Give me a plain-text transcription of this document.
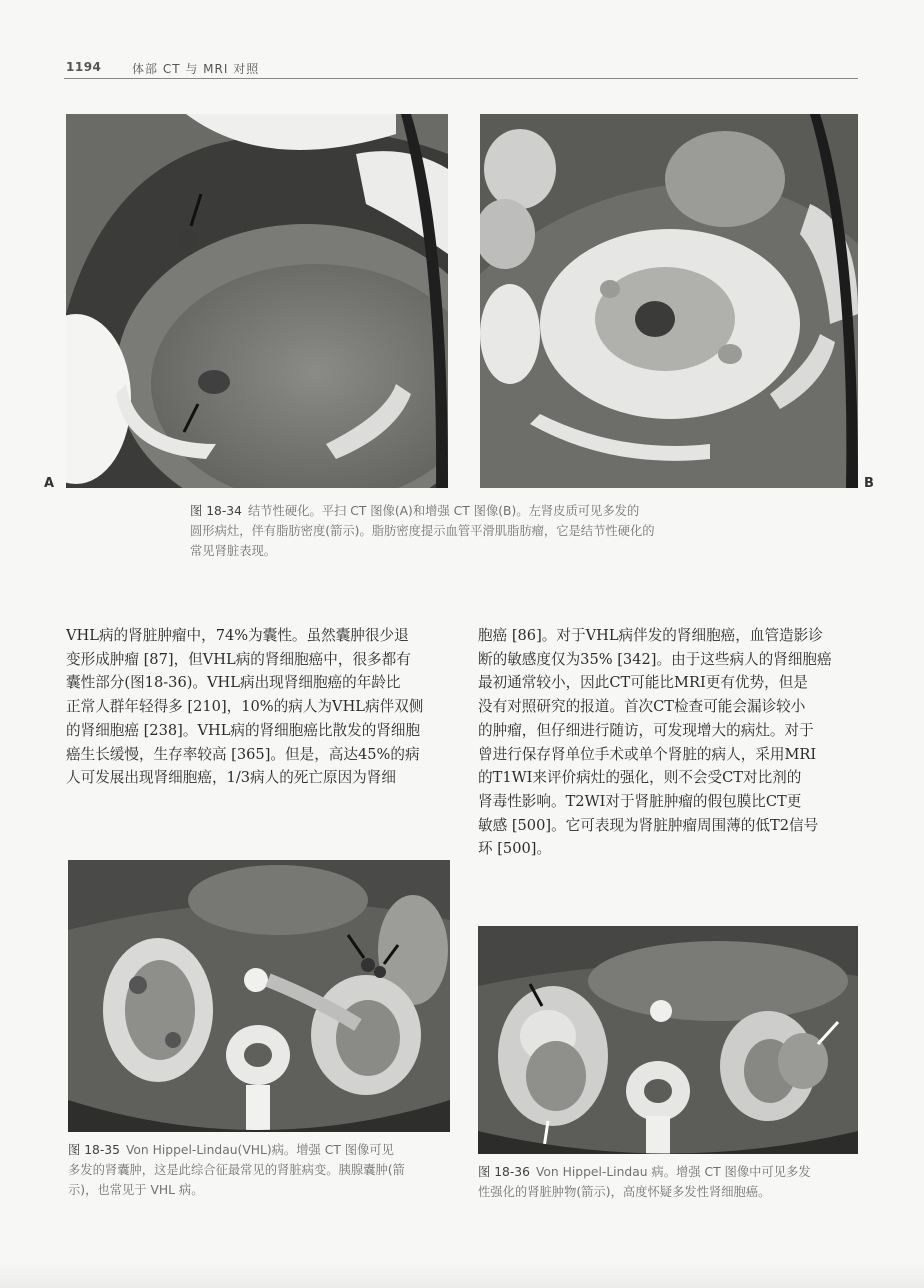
1194	体部 CT 与 MRI 对照
A	B
图 18-34 结节性硬化。平扫 CT 图像(A)和增强 CT 图像(B)。左肾皮质可见多发的
圆形病灶，伴有脂肪密度(箭示)。脂肪密度提示血管平滑肌脂肪瘤，它是结节性硬化的
常见肾脏表现。

VHL病的肾脏肿瘤中，74%为囊性。虽然囊肿很少退

变形成肿瘤 [87]，但VHL病的肾细胞癌中，很多都有

囊性部分(图18-36)。VHL病出现肾细胞癌的年龄比

正常人群年轻得多 [210]，10%的病人为VHL病伴双侧

的肾细胞癌 [238]。VHL病的肾细胞癌比散发的肾细胞

癌生长缓慢，生存率较高 [365]。但是，高达45%的病

人可发展出现肾细胞癌，1/3病人的死亡原因为肾细

胞癌 [86]。对于VHL病伴发的肾细胞癌，血管造影诊

断的敏感度仅为35% [342]。由于这些病人的肾细胞癌

最初通常较小，因此CT可能比MRI更有优势，但是

没有对照研究的报道。首次CT检查可能会漏诊较小

的肿瘤，但仔细进行随访，可发现增大的病灶。对于

曾进行保存肾单位手术或单个肾脏的病人，采用MRI

的T1WI来评价病灶的强化，则不会受CT对比剂的

肾毒性影响。T2WI对于肾脏肿瘤的假包膜比CT更

敏感 [500]。它可表现为肾脏肿瘤周围薄的低T2信号

环 [500]。

图 18-35 Von Hippel-Lindau(VHL)病。增强 CT 图像可见
多发的肾囊肿，这是此综合征最常见的肾脏病变。胰腺囊肿(箭
示)，也常见于 VHL 病。
图 18-36 Von Hippel-Lindau 病。增强 CT 图像中可见多发
性强化的肾脏肿物(箭示)，高度怀疑多发性肾细胞癌。
